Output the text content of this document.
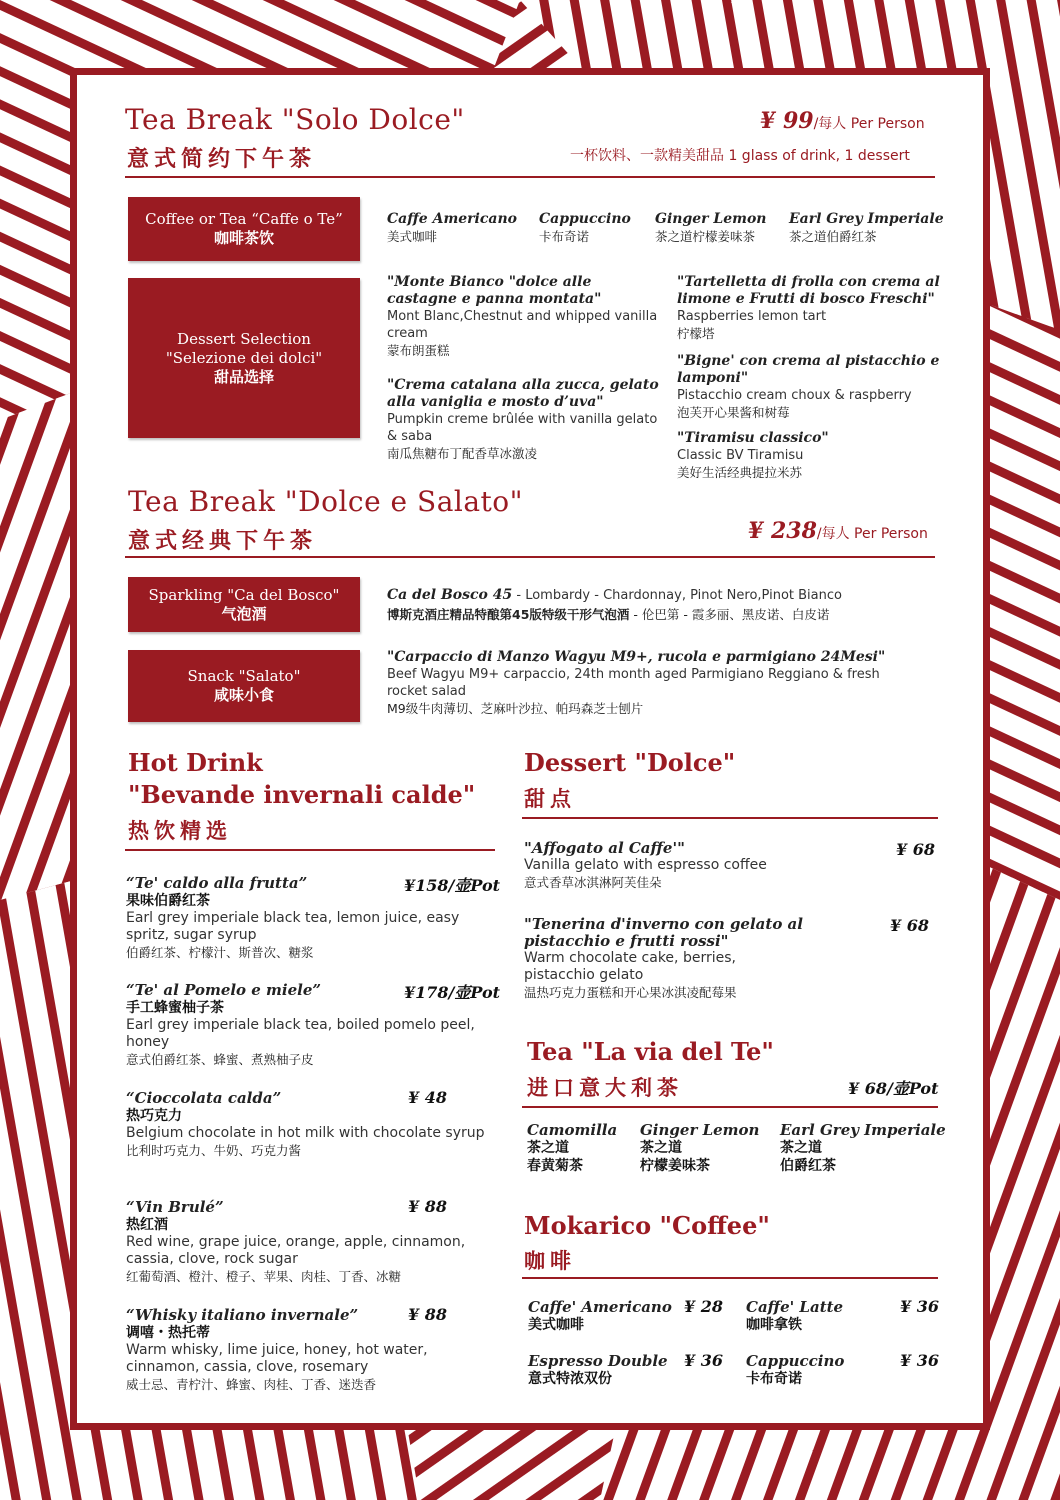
Tea Break "Solo Dolce"
意式简约下午茶
¥ 99/每人 Per Person
一杯饮料、一款精美甜品 1 glass of drink, 1 dessert
Coffee or Tea “Caffe o Te”
咖啡茶饮
Caffe Americano
美式咖啡
Cappuccino
卡布奇诺
Ginger Lemon
茶之道柠檬姜味茶
Earl Grey Imperiale
茶之道伯爵红茶
Dessert Selection
"Selezione dei dolci"
甜品选择
"Monte Bianco "dolce alle castagne e panna montata"
Mont Blanc,Chestnut and whipped vanilla cream
蒙布朗蛋糕
"Crema catalana alla zucca, gelato alla vaniglia e mosto d’uva"
Pumpkin creme brûlée with vanilla gelato & saba
南瓜焦糖布丁配香草冰激凌
"Tartelletta di frolla con crema al limone e Frutti di bosco Freschi"
Raspberries lemon tart
柠檬塔
"Bigne' con crema al pistacchio e lamponi"
Pistacchio cream choux & raspberry
泡芙开心果酱和树莓
"Tiramisu classico"
Classic BV Tiramisu
美好生活经典提拉米苏
Tea Break "Dolce e Salato"
意式经典下午茶	¥ 238/每人 Per Person
Sparkling "Ca del Bosco"
气泡酒
Ca del Bosco 45 - Lombardy - Chardonnay, Pinot Nero,Pinot Bianco
博斯克酒庄精品特酿第45版特级干形气泡酒 - 伦巴第 - 霞多丽、黑皮诺、白皮诺
Snack "Salato"
咸味小食
"Carpaccio di Manzo Wagyu M9+, rucola e parmigiano 24Mesi"
Beef Wagyu M9+ carpaccio, 24th month aged Parmigiano Reggiano & fresh rocket salad
M9级牛肉薄切、芝麻叶沙拉、帕玛森芝士刨片
Hot Drink
"Bevande invernali calde"
热饮精选
“Te' caldo alla frutta”	¥158/壶Pot
果味伯爵红茶
Earl grey imperiale black tea, lemon juice, easy spritz, sugar syrup
伯爵红茶、柠檬汁、斯普次、糖浆
“Te' al Pomelo e miele”	¥178/壶Pot
手工蜂蜜柚子茶
Earl grey imperiale black tea, boiled pomelo peel, honey
意式伯爵红茶、蜂蜜、煮熟柚子皮
“Cioccolata calda”	¥ 48
热巧克力
Belgium chocolate in hot milk with chocolate syrup
比利时巧克力、牛奶、巧克力酱
“Vin Brulé”	¥ 88
热红酒
Red wine, grape juice, orange, apple, cinnamon, cassia, clove, rock sugar
红葡萄酒、橙汁、橙子、苹果、肉桂、丁香、冰糖
“Whisky italiano invernale”	¥ 88
调嘻・热托蒂
Warm whisky, lime juice, honey, hot water, cinnamon, cassia, clove, rosemary
威士忌、青柠汁、蜂蜜、肉桂、丁香、迷迭香
Dessert "Dolce"
甜点
"Affogato al Caffe'"	¥ 68
Vanilla gelato with espresso coffee
意式香草冰淇淋阿芙佳朵
"Tenerina d'inverno con gelato al pistacchio e frutti rossi"
¥ 68
Warm chocolate cake, berries, pistacchio gelato
温热巧克力蛋糕和开心果冰淇凌配莓果
Tea "La via del Te"
进口意大利茶	¥ 68/壶Pot
Camomilla
茶之道
春黄菊茶
Ginger Lemon
茶之道
柠檬姜味茶
Earl Grey Imperiale
茶之道
伯爵红茶
Mokarico "Coffee"
咖啡
Caffe' Americano ¥ 28
美式咖啡
Caffe' Latte	¥ 36
咖啡拿铁
Espresso Double ¥ 36
意式特浓双份
Cappuccino	¥ 36
卡布奇诺
